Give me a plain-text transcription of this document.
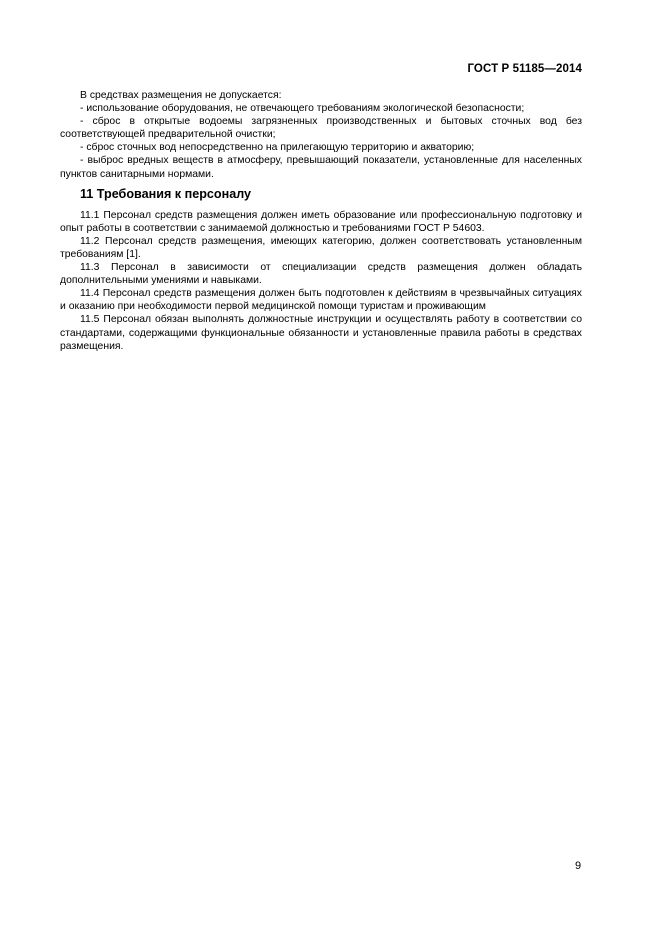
ГОСТ Р 51185—2014

В средствах размещения не допускается:

- использование оборудования, не отвечающего требованиям экологической безопасности;

- сброс в открытые водоемы загрязненных производственных и бытовых сточных вод без соответствующей предварительной очистки;

- сброс сточных вод непосредственно на прилегающую территорию и акваторию;

- выброс вредных веществ в атмосферу, превышающий показатели, установленные для населенных пунктов санитарными нормами.

11 Требования к персоналу

11.1 Персонал средств размещения должен иметь образование или профессиональную подготовку и опыт работы в соответствии с занимаемой должностью и требованиями ГОСТ Р 54603.

11.2 Персонал средств размещения, имеющих категорию, должен соответствовать установленным требованиям [1].

11.3 Персонал в зависимости от специализации средств размещения должен обладать дополнительными умениями и навыками.

11.4 Персонал средств размещения должен быть подготовлен к действиям в чрезвычайных ситуациях и оказанию при необходимости первой медицинской помощи туристам и проживающим

11.5 Персонал обязан выполнять должностные инструкции и осуществлять работу в соответствии со стандартами, содержащими функциональные обязанности и установленные правила работы в средствах размещения.

9
